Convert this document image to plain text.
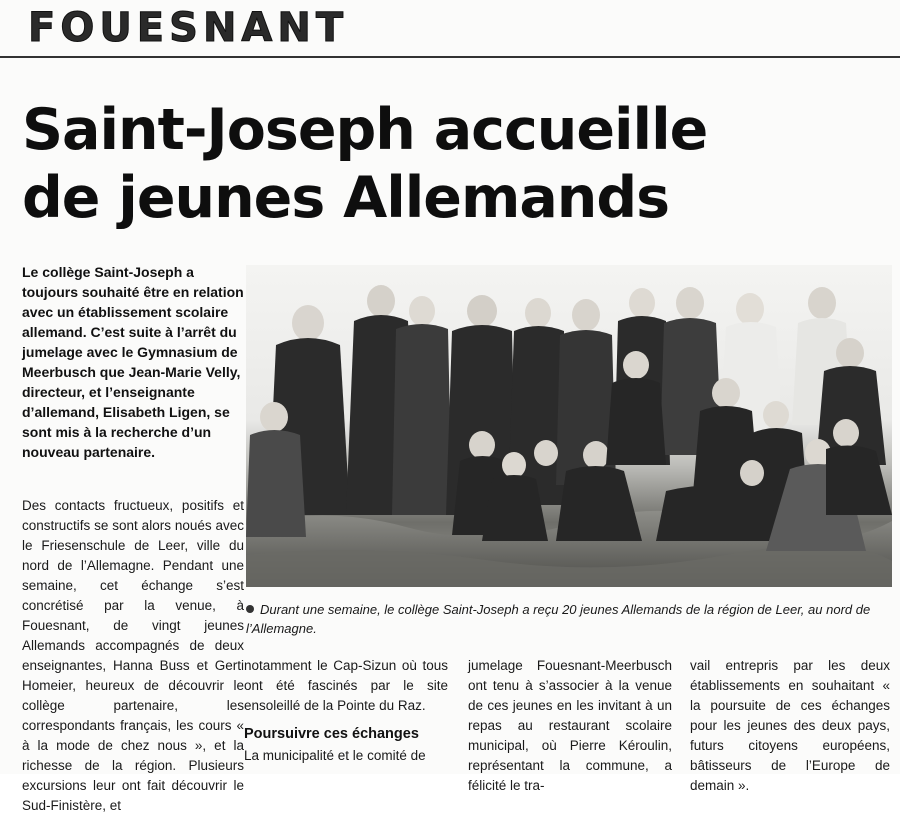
FOUESNANT
Saint-Joseph accueille
de jeunes Allemands

Le collège Saint-Joseph a toujours souhaité être en relation avec un établissement scolaire allemand. C’est suite à l’arrêt du jumelage avec le Gymnasium de Meerbusch que Jean-Marie Velly, directeur, et l’enseignante d’allemand, Elisabeth Ligen, se sont mis à la recherche d’un nouveau partenaire.

Des contacts fructueux, positifs et constructifs se sont alors noués avec le Friesenschule de Leer, ville du nord de l’Allemagne. Pendant une semaine, cet échange s’est concrétisé par la venue, à Fouesnant, de vingt jeunes Allemands accompagnés de deux enseignantes, Hanna Buss et Gerti Homeier, heureux de découvrir le collège partenaire, les correspondants français, les cours « à la mode de chez nous », et la richesse de la région. Plusieurs excursions leur ont fait découvrir le Sud-Finistère, et

Durant une semaine, le collège Saint-Joseph a reçu 20 jeunes Allemands de la région de Leer, au nord de l’Allemagne.

notamment le Cap-Sizun où tous ont été fascinés par le site ensoleillé de la Pointe du Raz.

Poursuivre ces échanges

La municipalité et le comité de

jumelage Fouesnant-Meerbusch ont tenu à s’associer à la venue de ces jeunes en les invitant à un repas au restaurant scolaire municipal, où Pierre Kéroulin, représentant la commune, a félicité le tra-

vail entrepris par les deux établissements en souhaitant « la poursuite de ces échanges pour les jeunes des deux pays, futurs citoyens européens, bâtisseurs de l’Europe de demain ».
